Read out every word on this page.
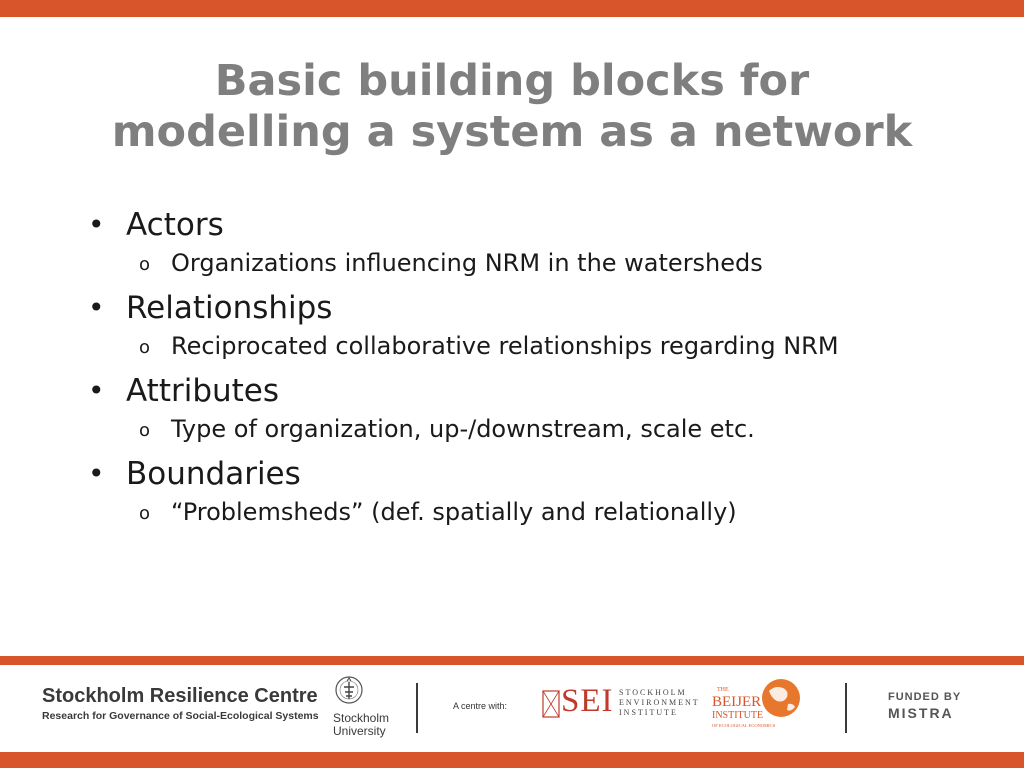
Basic building blocks for
modelling a system as a network
• Actors
o Organizations influencing NRM in the watersheds
• Relationships
o Reciprocated collaborative relationships regarding NRM
• Attributes
o Type of organization, up-/downstream, scale etc.
• Boundaries
o “Problemsheds” (def. spatially and relationally)
Stockholm Resilience Centre
Research for Governance of Social-Ecological Systems Stockholm
University
A centre with: SEI STOCKHOLM
ENVIRONMENT
INSTITUTE
THE
BEIJER
INSTITUTE
OF ECOLOGICAL ECONOMICS
FUNDED BY
MISTRA
